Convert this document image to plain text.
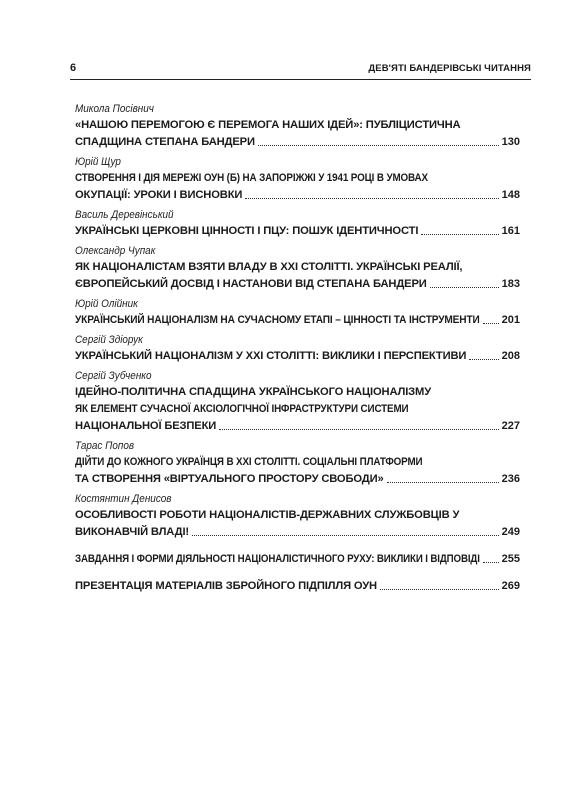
6	ДЕВ'ЯТІ БАНДЕРІВСЬКІ ЧИТАННЯ
Микола Посівнич
«НАШОЮ ПЕРЕМОГОЮ Є ПЕРЕМОГА НАШИХ ІДЕЙ»: ПУБЛІЦИСТИЧНА
СПАДЩИНА СТЕПАНА БАНДЕРИ	130
Юрій Щур
СТВОРЕННЯ І ДІЯ МЕРЕЖІ ОУН (Б) НА ЗАПОРІЖЖІ У 1941 РОЦІ В УМОВАХ
ОКУПАЦІЇ: УРОКИ І ВИСНОВКИ	148
Василь Деревінський
УКРАЇНСЬКІ ЦЕРКОВНІ ЦІННОСТІ І ПЦУ: ПОШУК ІДЕНТИЧНОСТІ	161
Олександр Чупак
ЯК НАЦІОНАЛІСТАМ ВЗЯТИ ВЛАДУ В ХХІ СТОЛІТТІ. УКРАЇНСЬКІ РЕАЛІЇ,
ЄВРОПЕЙСЬКИЙ ДОСВІД І НАСТАНОВИ ВІД СТЕПАНА БАНДЕРИ	183
Юрій Олійник
УКРАЇНСЬКИЙ НАЦІОНАЛІЗМ НА СУЧАСНОМУ ЕТАПІ – ЦІННОСТІ ТА ІНСТРУМЕНТИ 201
Сергій Здіорук
УКРАЇНСЬКИЙ НАЦІОНАЛІЗМ У ХХІ СТОЛІТТІ: ВИКЛИКИ І ПЕРСПЕКТИВИ	208
Сергій Зубченко
ІДЕЙНО-ПОЛІТИЧНА СПАДЩИНА УКРАЇНСЬКОГО НАЦІОНАЛІЗМУ
ЯК ЕЛЕМЕНТ СУЧАСНОЇ АКСІОЛОГІЧНОЇ ІНФРАСТРУКТУРИ СИСТЕМИ
НАЦІОНАЛЬНОЇ БЕЗПЕКИ	227
Тарас Попов
ДІЙТИ ДО КОЖНОГО УКРАЇНЦЯ В ХХІ СТОЛІТТІ. СОЦІАЛЬНІ ПЛАТФОРМИ
ТА СТВОРЕННЯ «ВІРТУАЛЬНОГО ПРОСТОРУ СВОБОДИ»	236
Костянтин Денисов
ОСОБЛИВОСТІ РОБОТИ НАЦІОНАЛІСТІВ-ДЕРЖАВНИХ СЛУЖБОВЦІВ У
ВИКОНАВЧІЙ ВЛАДІ!	249
ЗАВДАННЯ І ФОРМИ ДІЯЛЬНОСТІ НАЦІОНАЛІСТИЧНОГО РУХУ: ВИКЛИКИ І ВІДПОВІДІ 255
ПРЕЗЕНТАЦІЯ МАТЕРІАЛІВ ЗБРОЙНОГО ПІДПІЛЛЯ ОУН	269
